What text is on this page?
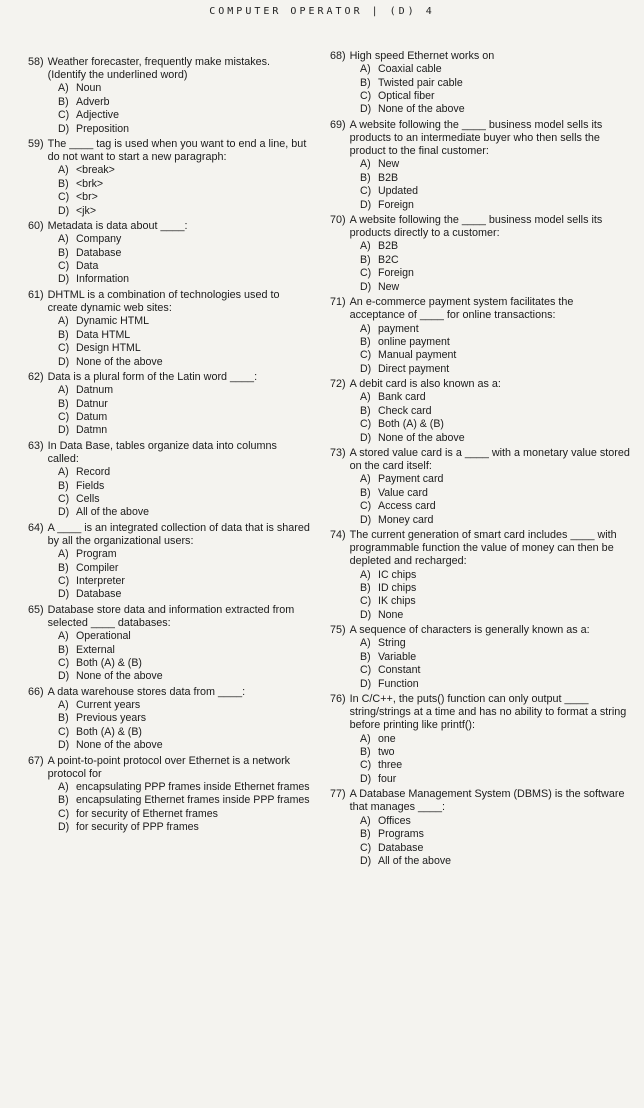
COMPUTER OPERATOR | (D) 4
58) Weather forecaster, frequently make mistakes. (Identify the underlined word)
A) Noun
B) Adverb
C) Adjective
D) Preposition
59) The ____ tag is used when you want to end a line, but do not want to start a new paragraph:
A) <break>
B) <brk>
C) <br>
D) <jk>
60) Metadata is data about ____:
A) Company
B) Database
C) Data
D) Information
61) DHTML is a combination of technologies used to create dynamic web sites:
A) Dynamic HTML
B) Data HTML
C) Design HTML
D) None of the above
62) Data is a plural form of the Latin word ____:
A) Datnum
B) Datnur
C) Datum
D) Datmn
63) In Data Base, tables organize data into columns called:
A) Record
B) Fields
C) Cells
D) All of the above
64) A ____ is an integrated collection of data that is shared by all the organizational users:
A) Program
B) Compiler
C) Interpreter
D) Database
65) Database store data and information extracted from selected ____ databases:
A) Operational
B) External
C) Both (A) & (B)
D) None of the above
66) A data warehouse stores data from ____:
A) Current years
B) Previous years
C) Both (A) & (B)
D) None of the above
67) A point-to-point protocol over Ethernet is a network protocol for
A) encapsulating PPP frames inside Ethernet frames
B) encapsulating Ethernet frames inside PPP frames
C) for security of Ethernet frames
D) for security of PPP frames
68) High speed Ethernet works on
A) Coaxial cable
B) Twisted pair cable
C) Optical fiber
D) None of the above
69) A website following the ____ business model sells its products to an intermediate buyer who then sells the product to the final customer:
A) New
B) B2B
C) Updated
D) Foreign
70) A website following the ____ business model sells its products directly to a customer:
A) B2B
B) B2C
C) Foreign
D) New
71) An e-commerce payment system facilitates the acceptance of ____ for online transactions:
A) payment
B) online payment
C) Manual payment
D) Direct payment
72) A debit card is also known as a:
A) Bank card
B) Check card
C) Both (A) & (B)
D) None of the above
73) A stored value card is a ____ with a monetary value stored on the card itself:
A) Payment card
B) Value card
C) Access card
D) Money card
74) The current generation of smart card includes ____ with programmable function the value of money can then be depleted and recharged:
A) IC chips
B) ID chips
C) IK chips
D) None
75) A sequence of characters is generally known as a:
A) String
B) Variable
C) Constant
D) Function
76) In C/C++, the puts() function can only output ____ string/strings at a time and has no ability to format a string before printing like printf():
A) one
B) two
C) three
D) four
77) A Database Management System (DBMS) is the software that manages ____:
A) Offices
B) Programs
C) Database
D) All of the above
